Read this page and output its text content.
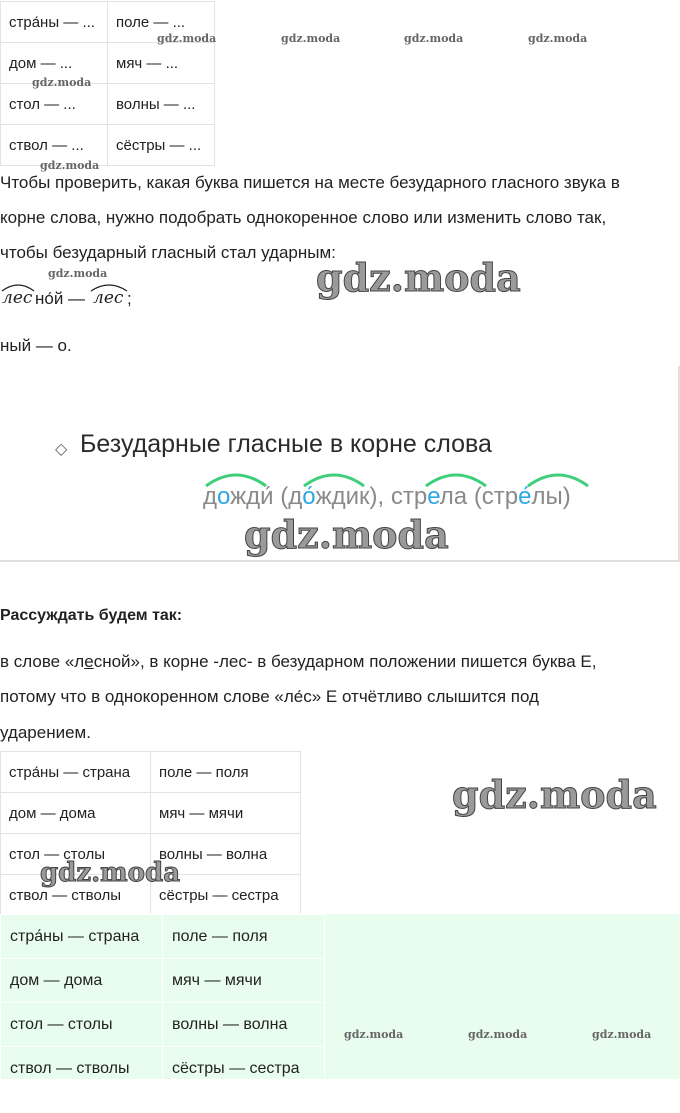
стра́ны — ...	поле — ...
дом — ...	мяч — ...
стол — ...	волны — ...
ствол — ...	сёстры — ...
gdz.moda	gdz.moda	gdz.moda	gdz.moda
gdz.moda
gdz.moda
Чтобы проверить, какая буква пишется на месте безударного гласного звука в
корне слова, нужно подобрать однокоренное слово или изменить слово так,
чтобы безударный гласный стал ударным:
gdz.moda
лес но́й — лес ;	gdz.moda
ный — о.
◇ Безударные гласные в корне слова
дожди́ (до́ждик), стрела (стре́лы)
gdz.moda
Рассуждать будем так:
в слове «лесной», в корне -лес- в безударном положении пишется буква Е,
потому что в однокоренном слове «ле́с» Е отчётливо слышится под
ударением.
стра́ны — страна	поле — поля
дом — дома	мяч — мячи
стол — столы	волны — волна
ствол — стволы	сёстры — сестра
gdz.moda
gdz.moda
стра́ны — страна	поле — поля
дом — дома	мяч — мячи
стол — столы	волны — волна
ствол — стволы	сёстры — сестра
gdz.moda	gdz.moda	gdz.moda
